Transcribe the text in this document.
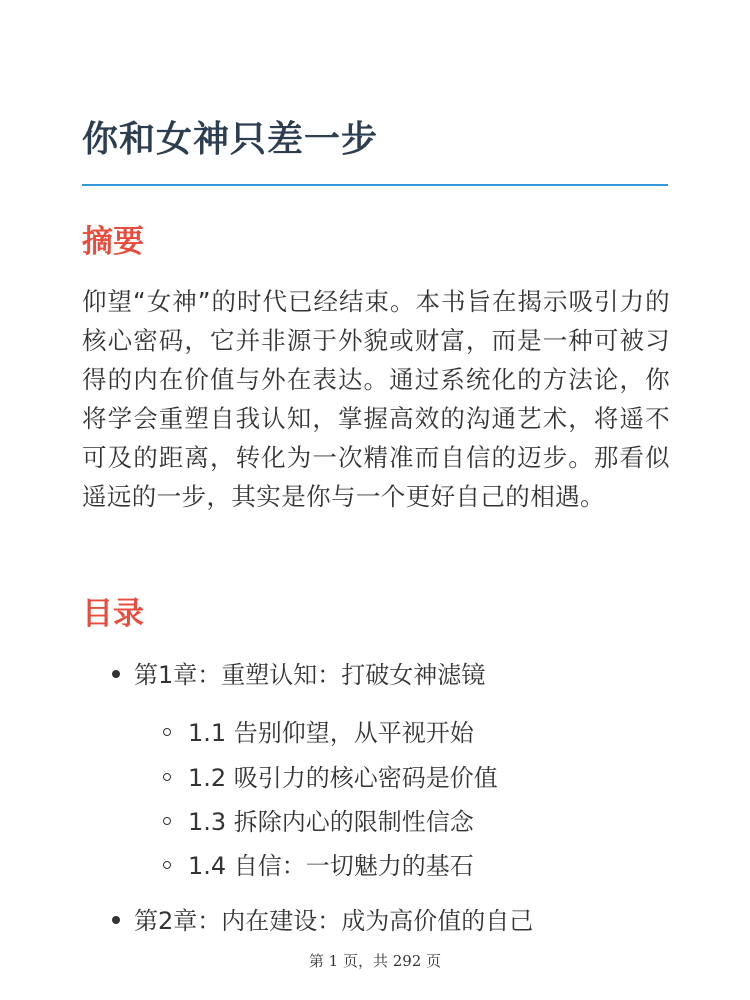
你和女神只差一步
摘要

仰望“女神”的时代已经结束。本书旨在揭示吸引力的核心密码，它并非源于外貌或财富，而是一种可被习得的内在价值与外在表达。通过系统化的方法论，你将学会重塑自我认知，掌握高效的沟通艺术，将遥不可及的距离，转化为一次精准而自信的迈步。那看似遥远的一步，其实是你与一个更好自己的相遇。

目录
第1章：重塑认知：打破女神滤镜
1.1 告别仰望，从平视开始
1.2 吸引力的核心密码是价值
1.3 拆除内心的限制性信念
1.4 自信：一切魅力的基石
第2章：内在建设：成为高价值的自己
第 1 页，共 292 页
